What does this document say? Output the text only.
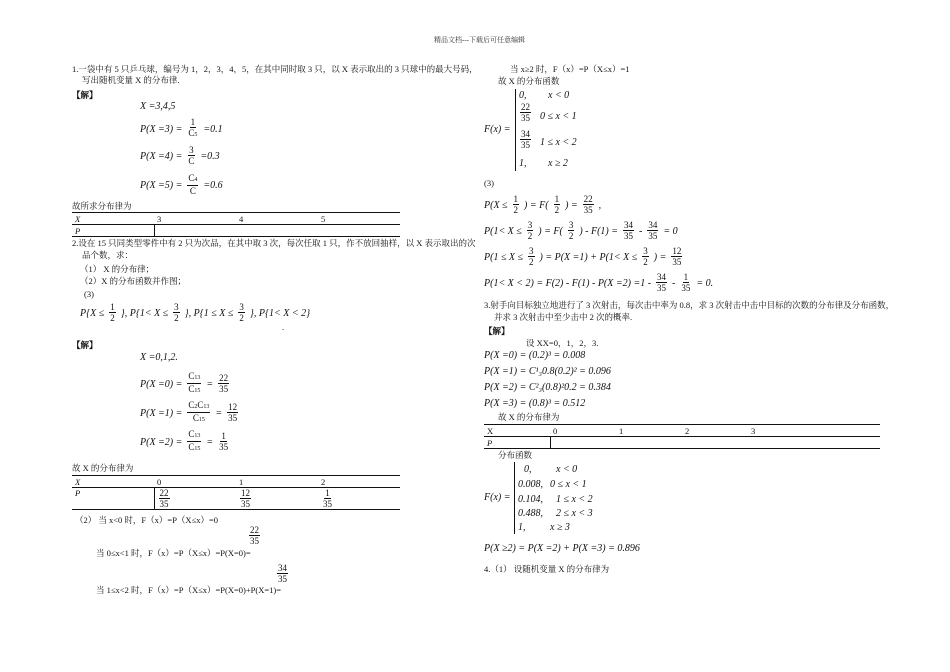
精品文档---下载后可任意编辑
1.一袋中有 5 只乒乓球，编号为 1，2，3，4，5，在其中同时取 3 只，以 X 表示取出的 3 只球中的最大号码，
写出随机变量 X 的分布律.
【解】
X =3,4,5
$P(X =3) = \frac{1}{C5} =0.1$
$P(X =4) = \frac{3}{C} =0.3$
$P(X =5) = \frac{C4}{C} =0.6$
故所求分布律为
X	3	4	5
P			
2.设在 15 只同类型零件中有 2 只为次品，在其中取 3 次，每次任取 1 只，作不放回抽样，以 X 表示取出的次
品个数，求：
（1） X 的分布律；
（2）X 的分布函数并作图；
(3)
$P\{X \le \frac{1}{2}$ }, $P\{1< X \le \frac{3}{2}$ }, $P\{1 \le X \le \frac{3}{2}$ }, P{1< X < 2}
.
【解】
X =0,1,2.
$P(X =0) = \frac{C13}{C15} = \frac{22}{35}$
$P(X =1) = \frac{C2C13}{C15} = \frac{12}{35}$
$P(X =2) = \frac{C13}{C15} = \frac{1}{35}$
故 X 的分布律为
X	0	1	2
P	$\frac{22}{35}$	$\frac{12}{35}$	$\frac{1}{35}$
（2） 当 x<0 时，F（x）=P（X≤x）=0
$\frac{22}{35}$
当 0≤x<1 时，F（x）=P（X≤x）=P(X=0)=
$\frac{34}{35}$
当 1≤x<2 时，F（x）=P（X≤x）=P(X=0)+P(X=1)=
当 x≥2 时，F（x）=P（X≤x）=1
故 X 的分布函数
F(x) =
0, x < 0
$\frac{22}{35} 0 \le x < 1$
$\frac{34}{35} 1 \le x < 2$
1, x ≥ 2
(3)
$P(X \le \frac{1}{2}$ ) = $F( \frac{1}{2}$ ) = $\frac{22}{35}$ ,
$P(1< X \le \frac{3}{2}$ ) = $F( \frac{3}{2}$ ) - $F(1) = \frac{34}{35} - \frac{34}{35} = 0$
$P(1 \le X \le \frac{3}{2}$ ) = $P(X =1) + P(1< X \le \frac{3}{2}$ ) = $\frac{12}{35}$
$P(1< X < 2) = F(2) - F(1) - P(X =2) =1 - \frac{34}{35} - \frac{1}{35} = 0$.
3.射手向目标独立地进行了 3 次射击，每次击中率为 0.8，求 3 次射击中击中目标的次数的分布律及分布函数，
并求 3 次射击中至少击中 2 次的概率.
【解】
设 XX=0，1，2，3.
P(X =0) = (0.2)³ = 0.008
P(X =1) = C¹₃0.8(0.2)² = 0.096
P(X =2) = C²₃(0.8)²0.2 = 0.384
P(X =3) = (0.8)³ = 0.512
故 X 的分布律为
X	0	1	2	3
P				
分布函数
F(x) =
0, x < 0
0.008, 0 ≤ x < 1
0.104, 1 ≤ x < 2
0.488, 2 ≤ x < 3
1, x ≥ 3
P(X ≥2) = P(X =2) + P(X =3) = 0.896
4.（1） 设随机变量 X 的分布律为
